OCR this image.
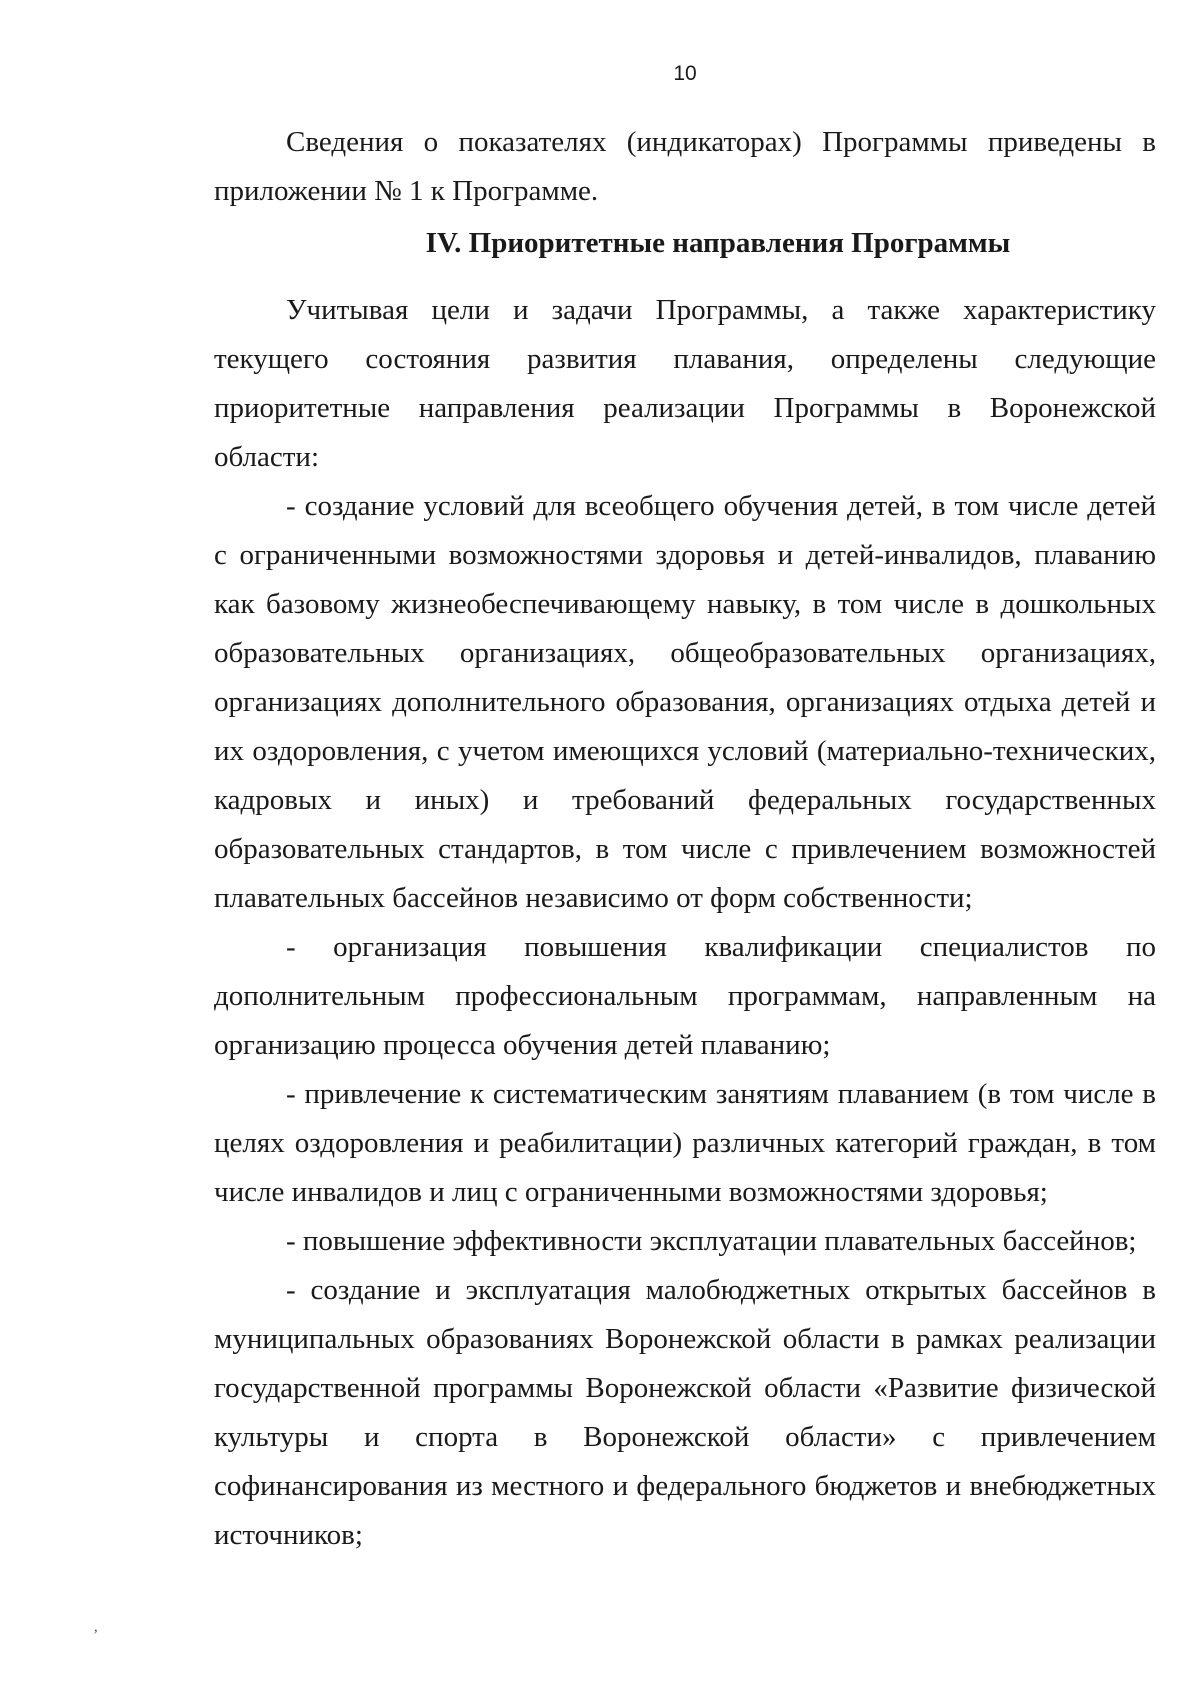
10

Сведения о показателях (индикаторах) Программы приведены в приложении № 1 к Программе.

IV. Приоритетные направления Программы

Учитывая цели и задачи Программы, а также характеристику текущего состояния развития плавания, определены следующие приоритетные направления реализации Программы в Воронежской области:

- создание условий для всеобщего обучения детей, в том числе детей с ограниченными возможностями здоровья и детей-инвалидов, плаванию как базовому жизнеобеспечивающему навыку, в том числе в дошкольных образовательных организациях, общеобразовательных организациях, организациях дополнительного образования, организациях отдыха детей и их оздоровления, с учетом имеющихся условий (материально-технических, кадровых и иных) и требований федеральных государственных образовательных стандартов, в том числе с привлечением возможностей плавательных бассейнов независимо от форм собственности;

- организация повышения квалификации специалистов по дополнительным профессиональным программам, направленным на организацию процесса обучения детей плаванию;

- привлечение к систематическим занятиям плаванием (в том числе в целях оздоровления и реабилитации) различных категорий граждан, в том числе инвалидов и лиц с ограниченными возможностями здоровья;

- повышение эффективности эксплуатации плавательных бассейнов;

- создание и эксплуатация малобюджетных открытых бассейнов в муниципальных образованиях Воронежской области в рамках реализации государственной программы Воронежской области «Развитие физической культуры и спорта в Воронежской области» с привлечением софинансирования из местного и федерального бюджетов и внебюджетных источников;

‚
